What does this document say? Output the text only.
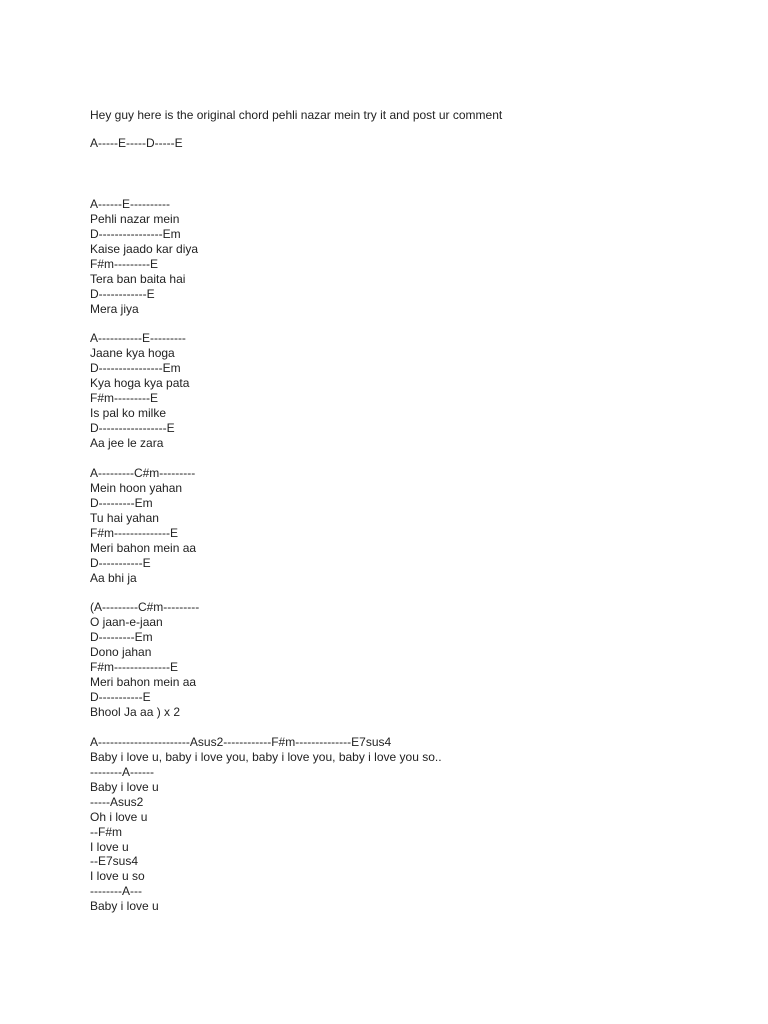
Hey guy here is the original chord pehli nazar mein try it and post ur comment
A-----E-----D-----E
A------E----------
Pehli nazar mein
D----------------Em
Kaise jaado kar diya
F#m---------E
Tera ban baita hai
D------------E
Mera jiya
A-----------E---------
Jaane kya hoga
D----------------Em
Kya hoga kya pata
F#m---------E
Is pal ko milke
D-----------------E
Aa jee le zara
A---------C#m---------
Mein hoon yahan
D---------Em
Tu hai yahan
F#m--------------E
Meri bahon mein aa
D-----------E
Aa bhi ja
(A---------C#m---------
O jaan-e-jaan
D---------Em
Dono jahan
F#m--------------E
Meri bahon mein aa
D-----------E
Bhool Ja aa ) x 2
A-----------------------Asus2------------F#m--------------E7sus4
Baby i love u, baby i love you, baby i love you, baby i love you so..
--------A------
Baby i love u
-----Asus2
Oh i love u
--F#m
I love u
--E7sus4
I love u so
--------A---
Baby i love u
